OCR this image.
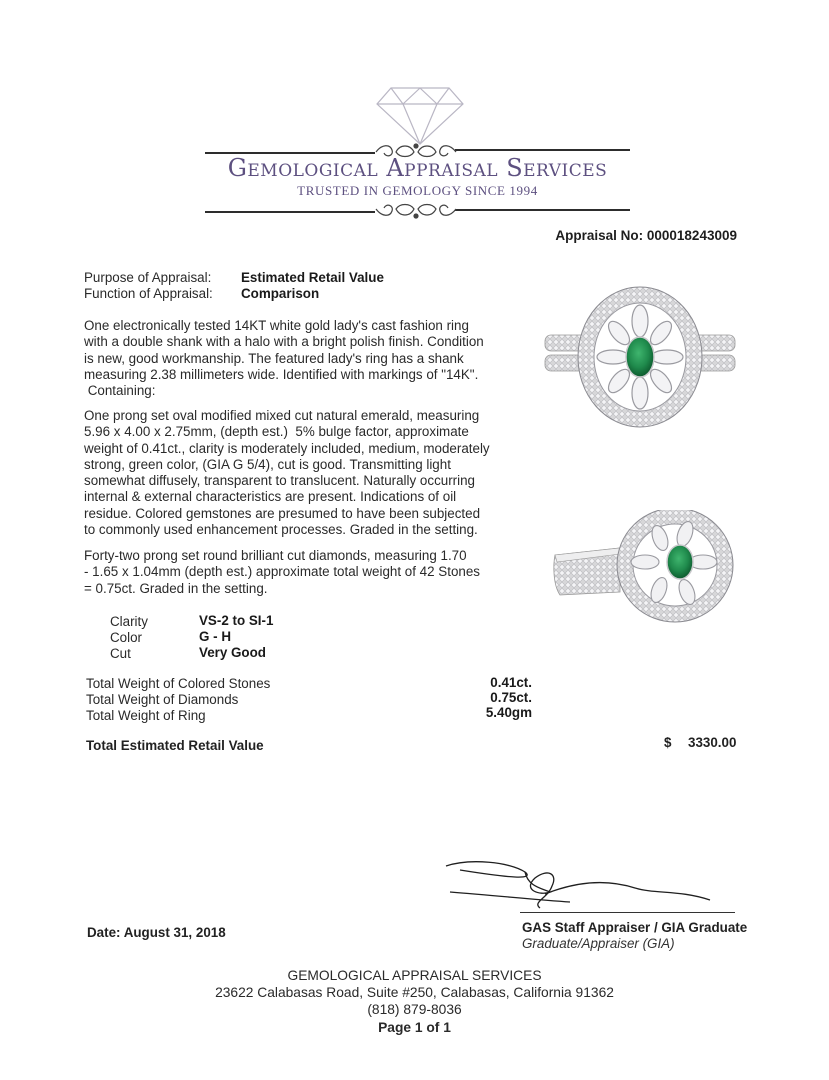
Gemological Appraisal Services
TRUSTED IN GEMOLOGY SINCE 1994
Appraisal No: 000018243009
Purpose of Appraisal: Estimated Retail Value
Function of Appraisal: Comparison
One electronically tested 14KT white gold lady's cast fashion ring
with a double shank with a halo with a bright polish finish. Condition
is new, good workmanship. The featured lady's ring has a shank
measuring 2.38 millimeters wide. Identified with markings of "14K".
Containing:
One prong set oval modified mixed cut natural emerald, measuring
5.96 x 4.00 x 2.75mm, (depth est.)  5% bulge factor, approximate
weight of 0.41ct., clarity is moderately included, medium, moderately
strong, green color, (GIA G 5/4), cut is good. Transmitting light
somewhat diffusely, transparent to translucent. Naturally occurring
internal & external characteristics are present. Indications of oil
residue. Colored gemstones are presumed to have been subjected
to commonly used enhancement processes. Graded in the setting.
Forty-two prong set round brilliant cut diamonds, measuring 1.70
- 1.65 x 1.04mm (depth est.) approximate total weight of 42 Stones
= 0.75ct. Graded in the setting.
Clarity	VS-2 to SI-1
Color	G - H
Cut	Very Good
Total Weight of Colored Stones	0.41ct.
Total Weight of Diamonds	0.75ct.
Total Weight of Ring	5.40gm
Total Estimated Retail Value	$ 3330.00
GAS Staff Appraiser / GIA Graduate
Graduate/Appraiser (GIA)
Date: August 31, 2018
GEMOLOGICAL APPRAISAL SERVICES
23622 Calabasas Road, Suite #250, Calabasas, California 91362
(818) 879-8036
Page 1 of 1
